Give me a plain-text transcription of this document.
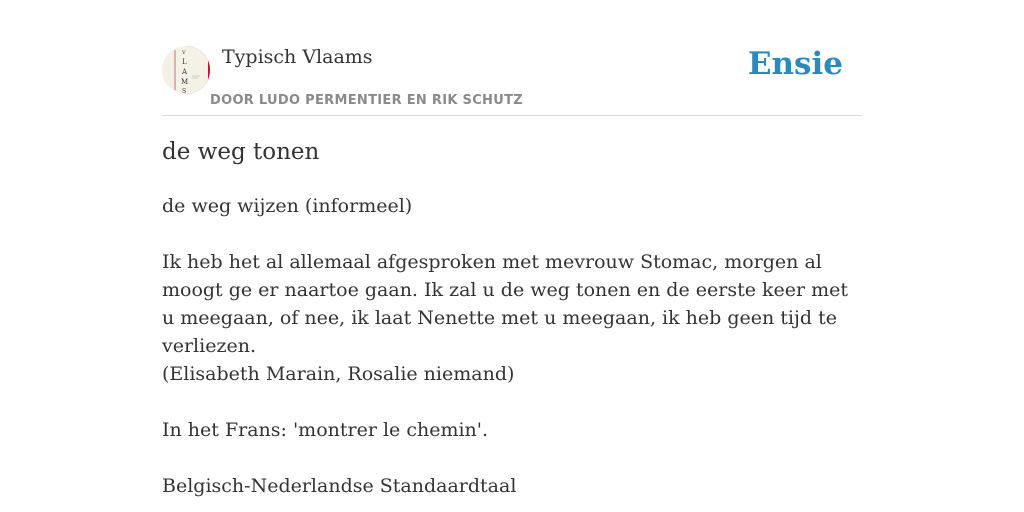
V
L
A
M
S
Typisch Vlaams
DOOR LUDO PERMENTIER EN RIK SCHUTZ
Ensie
de weg tonen

de weg wijzen (informeel)

Ik heb het al allemaal afgesproken met mevrouw Stomac, morgen al moogt ge er naartoe gaan. Ik zal u de weg tonen en de eerste keer met u meegaan, of nee, ik laat Nenette met u meegaan, ik heb geen tijd te verliezen.

(Elisabeth Marain, Rosalie niemand)

In het Frans: 'montrer le chemin'.

Belgisch-Nederlandse Standaardtaal
